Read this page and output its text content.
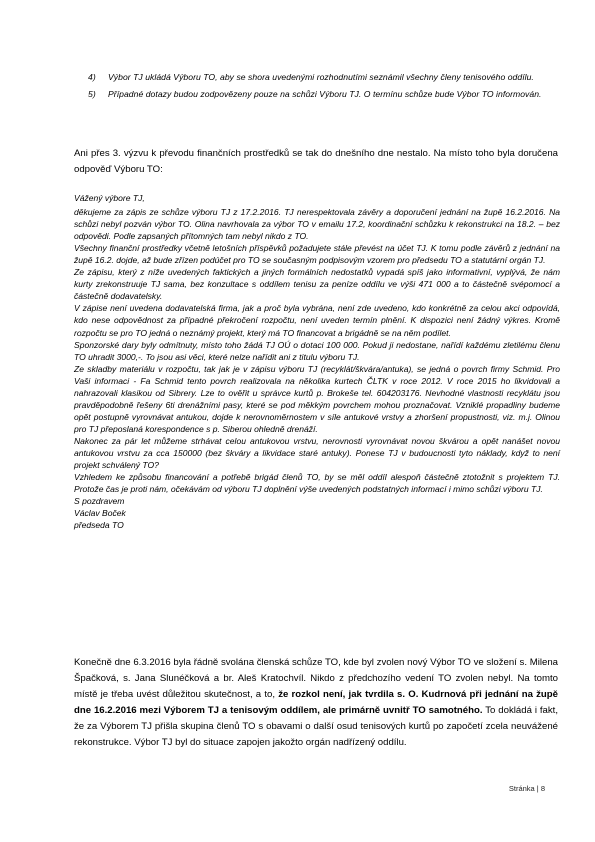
4)	Výbor TJ ukládá Výboru TO, aby se shora uvedenými rozhodnutími seznámil všechny členy tenisového oddílu.
5)	Případné dotazy budou zodpovězeny pouze na schůzi Výboru TJ. O termínu schůze bude Výbor TO informován.
Ani přes 3. výzvu k převodu finančních prostředků se tak do dnešního dne nestalo. Na místo toho byla doručena odpověď Výboru TO:

Vážený výbore TJ,

děkujeme za zápis ze schůze výboru TJ z 17.2.2016. TJ nerespektovala závěry a doporučení jednání na župě 16.2.2016. Na schůzi nebyl pozván výbor TO. Olina navrhovala za výbor TO v emailu 17.2, koordinační schůzku k rekonstrukci na 18.2. – bez odpovědi. Podle zapsaných přítomných tam nebyl nikdo z TO.

Všechny finanční prostředky včetně letošních příspěvků požadujete stále převést na účet TJ. K tomu podle závěrů z jednání na župě 16.2. dojde, až bude zřízen podúčet pro TO se současným podpisovým vzorem pro předsedu TO a statutární orgán TJ.

Ze zápisu, který z níže uvedených faktických a jiných formálních nedostatků vypadá spíš jako informativní, vyplývá, že nám kurty zrekonstruuje TJ sama, bez konzultace s oddílem tenisu za peníze oddílu ve výši 471 000 a to částečně svépomocí a částečně dodavatelsky.

V zápise není uvedena dodavatelská firma, jak a proč byla vybrána, není zde uvedeno, kdo konkrétně za celou akci odpovídá, kdo nese odpovědnost za případné překročení rozpočtu, není uveden termín plnění. K dispozici není žádný výkres. Kromě rozpočtu se pro TO jedná o neznámý projekt, který má TO financovat a brigádně se na něm podílet.

Sponzorské dary byly odmítnuty, místo toho žádá TJ OÚ o dotaci 100 000. Pokud ji nedostane, nařídí každému zletilému členu TO uhradit 3000,-. To jsou asi věci, které nelze nařídit ani z titulu výboru TJ.

Ze skladby materiálu v rozpočtu, tak jak je v zápisu výboru TJ (recyklát/škvára/antuka), se jedná o povrch firmy Schmid. Pro Vaši informaci - Fa Schmid tento povrch realizovala na několika kurtech ČLTK v roce 2012. V roce 2015 ho likvidovali a nahrazovali klasikou od Sibrery. Lze to ověřit u správce kurtů p. Brokeše tel. 604203176. Nevhodné vlastnosti recyklátu jsou pravděpodobně řešeny 6ti drenážními pasy, které se pod měkkým povrchem mohou proznačovat. Vzniklé propadliny budeme opět postupně vyrovnávat antukou, dojde k nerovnoměrnostem v síle antukové vrstvy a zhoršení propustnosti, viz. m.j. Olinou pro TJ přeposlaná korespondence s p. Siberou ohledně drenáží.

Nakonec za pár let můžeme strhávat celou antukovou vrstvu, nerovnosti vyrovnávat novou škvárou a opět nanášet novou antukovou vrstvu za cca 150000 (bez škváry a likvidace staré antuky). Ponese TJ v budoucnosti tyto náklady, když to není projekt schválený TO?

Vzhledem ke způsobu financování a potřebě brigád členů TO, by se měl oddíl alespoň částečně ztotožnit s projektem TJ. Protože čas je proti nám, očekávám od výboru TJ doplnění výše uvedených podstatných informací i mimo schůzi výboru TJ.

S pozdravem

Václav Boček

předseda TO

Konečně dne 6.3.2016 byla řádně svolána členská schůze TO, kde byl zvolen nový Výbor TO ve složení s. Milena Špačková, s. Jana Slunéčková a br. Aleš Kratochvíl. Nikdo z předchozího vedení TO zvolen nebyl. Na tomto místě je třeba uvést důležitou skutečnost, a to, že rozkol není, jak tvrdila s. O. Kudrnová při jednání na župě dne 16.2.2016 mezi Výborem TJ a tenisovým oddílem, ale primárně uvnitř TO samotného. To dokládá i fakt, že za Výborem TJ přišla skupina členů TO s obavami o další osud tenisových kurtů po započetí zcela neuvážené rekonstrukce. Výbor TJ byl do situace zapojen jakožto orgán nadřízený oddílu.
Stránka | 8
